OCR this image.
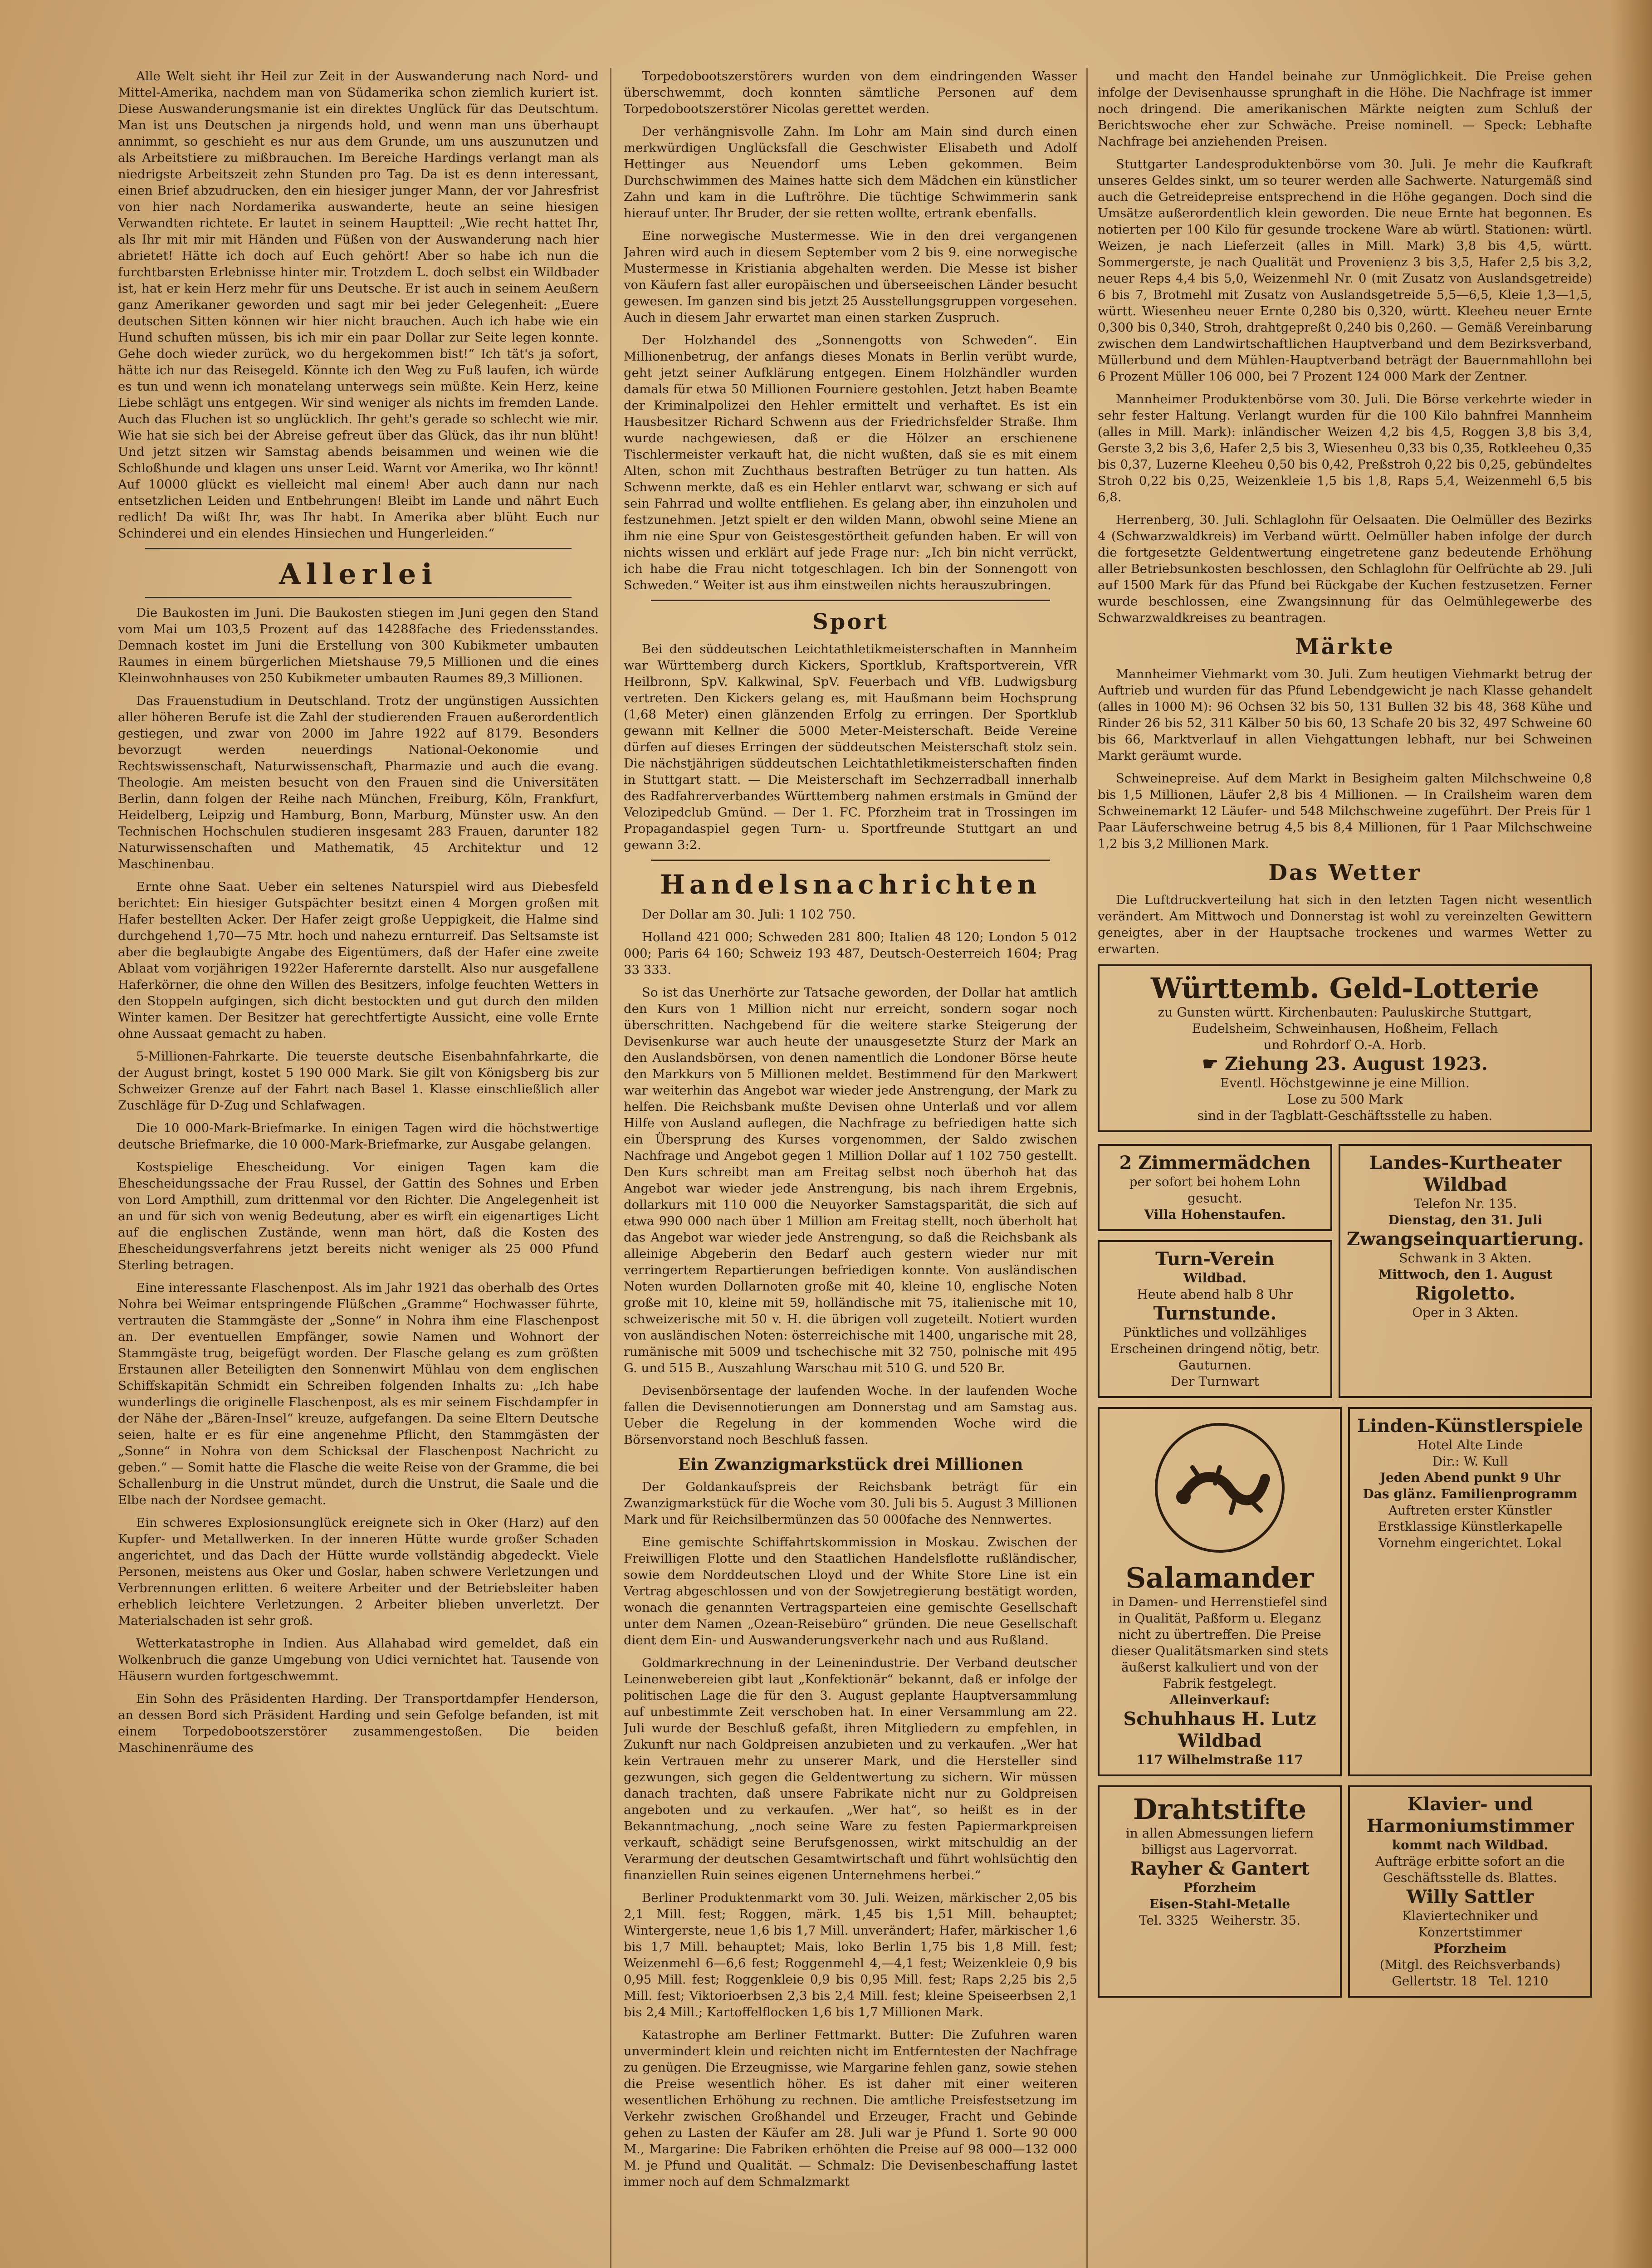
Alle Welt sieht ihr Heil zur Zeit in der Auswanderung nach Nord- und Mittel-Amerika, nachdem man von Südamerika schon ziemlich kuriert ist. Diese Auswanderungsmanie ist ein direktes Unglück für das Deutschtum. Man ist uns Deutschen ja nirgends hold, und wenn man uns überhaupt annimmt, so geschieht es nur aus dem Grunde, um uns auszunutzen und als Arbeitstiere zu mißbrauchen. Im Bereiche Hardings verlangt man als niedrigste Arbeitszeit zehn Stunden pro Tag. Da ist es denn interessant, einen Brief abzudrucken, den ein hiesiger junger Mann, der vor Jahresfrist von hier nach Nordamerika auswanderte, heute an seine hiesigen Verwandten richtete. Er lautet in seinem Hauptteil: „Wie recht hattet Ihr, als Ihr mit mir mit Händen und Füßen von der Auswanderung nach hier abrietet! Hätte ich doch auf Euch gehört! Aber so habe ich nun die furchtbarsten Erlebnisse hinter mir. Trotzdem L. doch selbst ein Wildbader ist, hat er kein Herz mehr für uns Deutsche. Er ist auch in seinem Aeußern ganz Amerikaner geworden und sagt mir bei jeder Gelegenheit: „Euere deutschen Sitten können wir hier nicht brauchen. Auch ich habe wie ein Hund schuften müssen, bis ich mir ein paar Dollar zur Seite legen konnte. Gehe doch wieder zurück, wo du hergekommen bist!“ Ich tät's ja sofort, hätte ich nur das Reisegeld. Könnte ich den Weg zu Fuß laufen, ich würde es tun und wenn ich monatelang unterwegs sein müßte. Kein Herz, keine Liebe schlägt uns entgegen. Wir sind weniger als nichts im fremden Lande. Auch das Fluchen ist so unglücklich. Ihr geht's gerade so schlecht wie mir. Wie hat sie sich bei der Abreise gefreut über das Glück, das ihr nun blüht! Und jetzt sitzen wir Samstag abends beisammen und weinen wie die Schloßhunde und klagen uns unser Leid. Warnt vor Amerika, wo Ihr könnt! Auf 10000 glückt es vielleicht mal einem! Aber auch dann nur nach entsetzlichen Leiden und Entbehrungen! Bleibt im Lande und nährt Euch redlich! Da wißt Ihr, was Ihr habt. In Amerika aber blüht Euch nur Schinderei und ein elendes Hinsiechen und Hungerleiden.“

Allerlei

Die Baukosten im Juni. Die Baukosten stiegen im Juni gegen den Stand vom Mai um 103,5 Prozent auf das 14288fache des Friedensstandes. Demnach kostet im Juni die Erstellung von 300 Kubikmeter umbauten Raumes in einem bürgerlichen Mietshause 79,5 Millionen und die eines Kleinwohnhauses von 250 Kubikmeter umbauten Raumes 89,3 Millionen.

Das Frauenstudium in Deutschland. Trotz der ungünstigen Aussichten aller höheren Berufe ist die Zahl der studierenden Frauen außerordentlich gestiegen, und zwar von 2000 im Jahre 1922 auf 8179. Besonders bevorzugt werden neuerdings National-Oekonomie und Rechtswissenschaft, Naturwissenschaft, Pharmazie und auch die evang. Theologie. Am meisten besucht von den Frauen sind die Universitäten Berlin, dann folgen der Reihe nach München, Freiburg, Köln, Frankfurt, Heidelberg, Leipzig und Hamburg, Bonn, Marburg, Münster usw. An den Technischen Hochschulen studieren insgesamt 283 Frauen, darunter 182 Naturwissenschaften und Mathematik, 45 Architektur und 12 Maschinenbau.

Ernte ohne Saat. Ueber ein seltenes Naturspiel wird aus Diebesfeld berichtet: Ein hiesiger Gutspächter besitzt einen 4 Morgen großen mit Hafer bestellten Acker. Der Hafer zeigt große Ueppigkeit, die Halme sind durchgehend 1,70—75 Mtr. hoch und nahezu ernturreif. Das Seltsamste ist aber die beglaubigte Angabe des Eigentümers, daß der Hafer eine zweite Ablaat vom vorjährigen 1922er Haferernte darstellt. Also nur ausgefallene Haferkörner, die ohne den Willen des Besitzers, infolge feuchten Wetters in den Stoppeln aufgingen, sich dicht bestockten und gut durch den milden Winter kamen. Der Besitzer hat gerechtfertigte Aussicht, eine volle Ernte ohne Aussaat gemacht zu haben.

5-Millionen-Fahrkarte. Die teuerste deutsche Eisenbahnfahrkarte, die der August bringt, kostet 5 190 000 Mark. Sie gilt von Königsberg bis zur Schweizer Grenze auf der Fahrt nach Basel 1. Klasse einschließlich aller Zuschläge für D-Zug und Schlafwagen.

Die 10 000-Mark-Briefmarke. In einigen Tagen wird die höchstwertige deutsche Briefmarke, die 10 000-Mark-Briefmarke, zur Ausgabe gelangen.

Kostspielige Ehescheidung. Vor einigen Tagen kam die Ehescheidungssache der Frau Russel, der Gattin des Sohnes und Erben von Lord Ampthill, zum drittenmal vor den Richter. Die Angelegenheit ist an und für sich von wenig Bedeutung, aber es wirft ein eigenartiges Licht auf die englischen Zustände, wenn man hört, daß die Kosten des Ehescheidungsverfahrens jetzt bereits nicht weniger als 25 000 Pfund Sterling betragen.

Eine interessante Flaschenpost. Als im Jahr 1921 das oberhalb des Ortes Nohra bei Weimar entspringende Flüßchen „Gramme“ Hochwasser führte, vertrauten die Stammgäste der „Sonne“ in Nohra ihm eine Flaschenpost an. Der eventuellen Empfänger, sowie Namen und Wohnort der Stammgäste trug, beigefügt worden. Der Flasche gelang es zum größten Erstaunen aller Beteiligten den Sonnenwirt Mühlau von dem englischen Schiffskapitän Schmidt ein Schreiben folgenden Inhalts zu: „Ich habe wunderlings die originelle Flaschenpost, als es mir seinem Fischdampfer in der Nähe der „Bären-Insel“ kreuze, aufgefangen. Da seine Eltern Deutsche seien, halte er es für eine angenehme Pflicht, den Stammgästen der „Sonne“ in Nohra von dem Schicksal der Flaschenpost Nachricht zu geben.“ — Somit hatte die Flasche die weite Reise von der Gramme, die bei Schallenburg in die Unstrut mündet, durch die Unstrut, die Saale und die Elbe nach der Nordsee gemacht.

Ein schweres Explosionsunglück ereignete sich in Oker (Harz) auf den Kupfer- und Metallwerken. In der inneren Hütte wurde großer Schaden angerichtet, und das Dach der Hütte wurde vollständig abgedeckt. Viele Personen, meistens aus Oker und Goslar, haben schwere Verletzungen und Verbrennungen erlitten. 6 weitere Arbeiter und der Betriebsleiter haben erheblich leichtere Verletzungen. 2 Arbeiter blieben unverletzt. Der Materialschaden ist sehr groß.

Wetterkatastrophe in Indien. Aus Allahabad wird gemeldet, daß ein Wolkenbruch die ganze Umgebung von Udici vernichtet hat. Tausende von Häusern wurden fortgeschwemmt.

Ein Sohn des Präsidenten Harding. Der Transportdampfer Henderson, an dessen Bord sich Präsident Harding und sein Gefolge befanden, ist mit einem Torpedobootszerstörer zusammengestoßen. Die beiden Maschinenräume des

Torpedobootszerstörers wurden von dem eindringenden Wasser überschwemmt, doch konnten sämtliche Personen auf dem Torpedobootszerstörer Nicolas gerettet werden.

Der verhängnisvolle Zahn. Im Lohr am Main sind durch einen merkwürdigen Unglücksfall die Geschwister Elisabeth und Adolf Hettinger aus Neuendorf ums Leben gekommen. Beim Durchschwimmen des Maines hatte sich dem Mädchen ein künstlicher Zahn und kam in die Luftröhre. Die tüchtige Schwimmerin sank hierauf unter. Ihr Bruder, der sie retten wollte, ertrank ebenfalls.

Eine norwegische Mustermesse. Wie in den drei vergangenen Jahren wird auch in diesem September vom 2 bis 9. eine norwegische Mustermesse in Kristiania abgehalten werden. Die Messe ist bisher von Käufern fast aller europäischen und überseeischen Länder besucht gewesen. Im ganzen sind bis jetzt 25 Ausstellungsgruppen vorgesehen. Auch in diesem Jahr erwartet man einen starken Zuspruch.

Der Holzhandel des „Sonnengotts von Schweden“. Ein Millionenbetrug, der anfangs dieses Monats in Berlin verübt wurde, geht jetzt seiner Aufklärung entgegen. Einem Holzhändler wurden damals für etwa 50 Millionen Fourniere gestohlen. Jetzt haben Beamte der Kriminalpolizei den Hehler ermittelt und verhaftet. Es ist ein Hausbesitzer Richard Schwenn aus der Friedrichsfelder Straße. Ihm wurde nachgewiesen, daß er die Hölzer an erschienene Tischlermeister verkauft hat, die nicht wußten, daß sie es mit einem Alten, schon mit Zuchthaus bestraften Betrüger zu tun hatten. Als Schwenn merkte, daß es ein Hehler entlarvt war, schwang er sich auf sein Fahrrad und wollte entfliehen. Es gelang aber, ihn einzuholen und festzunehmen. Jetzt spielt er den wilden Mann, obwohl seine Miene an ihm nie eine Spur von Geistesgestörtheit gefunden haben. Er will von nichts wissen und erklärt auf jede Frage nur: „Ich bin nicht verrückt, ich habe die Frau nicht totgeschlagen. Ich bin der Sonnengott von Schweden.“ Weiter ist aus ihm einstweilen nichts herauszubringen.

Sport

Bei den süddeutschen Leichtathletikmeisterschaften in Mannheim war Württemberg durch Kickers, Sportklub, Kraftsportverein, VfR Heilbronn, SpV. Kalkwinal, SpV. Feuerbach und VfB. Ludwigsburg vertreten. Den Kickers gelang es, mit Haußmann beim Hochsprung (1,68 Meter) einen glänzenden Erfolg zu erringen. Der Sportklub gewann mit Kellner die 5000 Meter-Meisterschaft. Beide Vereine dürfen auf dieses Erringen der süddeutschen Meisterschaft stolz sein. Die nächstjährigen süddeutschen Leichtathletikmeisterschaften finden in Stuttgart statt. — Die Meisterschaft im Sechzerradball innerhalb des Radfahrerverbandes Württemberg nahmen erstmals in Gmünd der Velozipedclub Gmünd. — Der 1. FC. Pforzheim trat in Trossingen im Propagandaspiel gegen Turn- u. Sportfreunde Stuttgart an und gewann 3:2.

Handelsnachrichten

Der Dollar am 30. Juli: 1 102 750.

Holland 421 000; Schweden 281 800; Italien 48 120; London 5 012 000; Paris 64 160; Schweiz 193 487, Deutsch-Oesterreich 1604; Prag 33 333.

So ist das Unerhörte zur Tatsache geworden, der Dollar hat amtlich den Kurs von 1 Million nicht nur erreicht, sondern sogar noch überschritten. Nachgebend für die weitere starke Steigerung der Devisenkurse war auch heute der unausgesetzte Sturz der Mark an den Auslandsbörsen, von denen namentlich die Londoner Börse heute den Markkurs von 5 Millionen meldet. Bestimmend für den Markwert war weiterhin das Angebot war wieder jede Anstrengung, der Mark zu helfen. Die Reichsbank mußte Devisen ohne Unterlaß und vor allem Hilfe von Ausland auflegen, die Nachfrage zu befriedigen hatte sich ein Übersprung des Kurses vorgenommen, der Saldo zwischen Nachfrage und Angebot gegen 1 Million Dollar auf 1 102 750 gestellt. Den Kurs schreibt man am Freitag selbst noch überhoh hat das Angebot war wieder jede Anstrengung, bis nach ihrem Ergebnis, dollarkurs mit 110 000 die Neuyorker Samstagsparität, die sich auf etwa 990 000 nach über 1 Million am Freitag stellt, noch überholt hat das Angebot war wieder jede Anstrengung, so daß die Reichsbank als alleinige Abgeberin den Bedarf auch gestern wieder nur mit verringertem Repartierungen befriedigen konnte. Von ausländischen Noten wurden Dollarnoten große mit 40, kleine 10, englische Noten große mit 10, kleine mit 59, holländische mit 75, italienische mit 10, schweizerische mit 50 v. H. die übrigen voll zugeteilt. Notiert wurden von ausländischen Noten: österreichische mit 1400, ungarische mit 28, rumänische mit 5009 und tschechische mit 32 750, polnische mit 495 G. und 515 B., Auszahlung Warschau mit 510 G. und 520 Br.

Devisenbörsentage der laufenden Woche. In der laufenden Woche fallen die Devisennotierungen am Donnerstag und am Samstag aus. Ueber die Regelung in der kommenden Woche wird die Börsenvorstand noch Beschluß fassen.

Ein Zwanzigmarkstück drei Millionen

Der Goldankaufspreis der Reichsbank beträgt für ein Zwanzigmarkstück für die Woche vom 30. Juli bis 5. August 3 Millionen Mark und für Reichsilbermünzen das 50 000fache des Nennwertes.

Eine gemischte Schiffahrtskommission in Moskau. Zwischen der Freiwilligen Flotte und den Staatlichen Handelsflotte rußländischer, sowie dem Norddeutschen Lloyd und der White Store Line ist ein Vertrag abgeschlossen und von der Sowjetregierung bestätigt worden, wonach die genannten Vertragsparteien eine gemischte Gesellschaft unter dem Namen „Ozean-Reisebüro“ gründen. Die neue Gesellschaft dient dem Ein- und Auswanderungsverkehr nach und aus Rußland.

Goldmarkrechnung in der Leinenindustrie. Der Verband deutscher Leinenwebereien gibt laut „Konfektionär“ bekannt, daß er infolge der politischen Lage die für den 3. August geplante Hauptversammlung auf unbestimmte Zeit verschoben hat. In einer Versammlung am 22. Juli wurde der Beschluß gefaßt, ihren Mitgliedern zu empfehlen, in Zukunft nur nach Goldpreisen anzubieten und zu verkaufen. „Wer hat kein Vertrauen mehr zu unserer Mark, und die Hersteller sind gezwungen, sich gegen die Geldentwertung zu sichern. Wir müssen danach trachten, daß unsere Fabrikate nicht nur zu Goldpreisen angeboten und zu verkaufen. „Wer hat“, so heißt es in der Bekanntmachung, „noch seine Ware zu festen Papiermarkpreisen verkauft, schädigt seine Berufsgenossen, wirkt mitschuldig an der Verarmung der deutschen Gesamtwirtschaft und führt wohlsüchtig den finanziellen Ruin seines eigenen Unternehmens herbei.“

Berliner Produktenmarkt vom 30. Juli. Weizen, märkischer 2,05 bis 2,1 Mill. fest; Roggen, märk. 1,45 bis 1,51 Mill. behauptet; Wintergerste, neue 1,6 bis 1,7 Mill. unverändert; Hafer, märkischer 1,6 bis 1,7 Mill. behauptet; Mais, loko Berlin 1,75 bis 1,8 Mill. fest; Weizenmehl 6—6,6 fest; Roggenmehl 4,—4,1 fest; Weizenkleie 0,9 bis 0,95 Mill. fest; Roggenkleie 0,9 bis 0,95 Mill. fest; Raps 2,25 bis 2,5 Mill. fest; Viktorioerbsen 2,3 bis 2,4 Mill. fest; kleine Speiseerbsen 2,1 bis 2,4 Mill.; Kartoffelflocken 1,6 bis 1,7 Millionen Mark.

Katastrophe am Berliner Fettmarkt. Butter: Die Zufuhren waren unvermindert klein und reichten nicht im Entferntesten der Nachfrage zu genügen. Die Erzeugnisse, wie Margarine fehlen ganz, sowie stehen die Preise wesentlich höher. Es ist daher mit einer weiteren wesentlichen Erhöhung zu rechnen. Die amtliche Preisfestsetzung im Verkehr zwischen Großhandel und Erzeuger, Fracht und Gebinde gehen zu Lasten der Käufer am 28. Juli war je Pfund 1. Sorte 90 000 M., Margarine: Die Fabriken erhöhten die Preise auf 98 000—132 000 M. je Pfund und Qualität. — Schmalz: Die Devisenbeschaffung lastet immer noch auf dem Schmalzmarkt

und macht den Handel beinahe zur Unmöglichkeit. Die Preise gehen infolge der Devisenhausse sprunghaft in die Höhe. Die Nachfrage ist immer noch dringend. Die amerikanischen Märkte neigten zum Schluß der Berichtswoche eher zur Schwäche. Preise nominell. — Speck: Lebhafte Nachfrage bei anziehenden Preisen.

Stuttgarter Landesproduktenbörse vom 30. Juli. Je mehr die Kaufkraft unseres Geldes sinkt, um so teurer werden alle Sachwerte. Naturgemäß sind auch die Getreidepreise entsprechend in die Höhe gegangen. Doch sind die Umsätze außerordentlich klein geworden. Die neue Ernte hat begonnen. Es notierten per 100 Kilo für gesunde trockene Ware ab würtl. Stationen: würtl. Weizen, je nach Lieferzeit (alles in Mill. Mark) 3,8 bis 4,5, württ. Sommergerste, je nach Qualität und Provenienz 3 bis 3,5, Hafer 2,5 bis 3,2, neuer Reps 4,4 bis 5,0, Weizenmehl Nr. 0 (mit Zusatz von Auslandsgetreide) 6 bis 7, Brotmehl mit Zusatz von Auslandsgetreide 5,5—6,5, Kleie 1,3—1,5, württ. Wiesenheu neuer Ernte 0,280 bis 0,320, württ. Kleeheu neuer Ernte 0,300 bis 0,340, Stroh, drahtgepreßt 0,240 bis 0,260. — Gemäß Vereinbarung zwischen dem Landwirtschaftlichen Hauptverband und dem Bezirksverband, Müllerbund und dem Mühlen-Hauptverband beträgt der Bauernmahllohn bei 6 Prozent Müller 106 000, bei 7 Prozent 124 000 Mark der Zentner.

Mannheimer Produktenbörse vom 30. Juli. Die Börse verkehrte wieder in sehr fester Haltung. Verlangt wurden für die 100 Kilo bahnfrei Mannheim (alles in Mill. Mark): inländischer Weizen 4,2 bis 4,5, Roggen 3,8 bis 3,4, Gerste 3,2 bis 3,6, Hafer 2,5 bis 3, Wiesenheu 0,33 bis 0,35, Rotkleeheu 0,35 bis 0,37, Luzerne Kleeheu 0,50 bis 0,42, Preßstroh 0,22 bis 0,25, gebündeltes Stroh 0,22 bis 0,25, Weizenkleie 1,5 bis 1,8, Raps 5,4, Weizenmehl 6,5 bis 6,8.

Herrenberg, 30. Juli. Schlaglohn für Oelsaaten. Die Oelmüller des Bezirks 4 (Schwarzwaldkreis) im Verband württ. Oelmüller haben infolge der durch die fortgesetzte Geldentwertung eingetretene ganz bedeutende Erhöhung aller Betriebsunkosten beschlossen, den Schlaglohn für Oelfrüchte ab 29. Juli auf 1500 Mark für das Pfund bei Rückgabe der Kuchen festzusetzen. Ferner wurde beschlossen, eine Zwangsinnung für das Oelmühlegewerbe des Schwarzwaldkreises zu beantragen.

Märkte

Mannheimer Viehmarkt vom 30. Juli. Zum heutigen Viehmarkt betrug der Auftrieb und wurden für das Pfund Lebendgewicht je nach Klasse gehandelt (alles in 1000 M): 96 Ochsen 32 bis 50, 131 Bullen 32 bis 48, 368 Kühe und Rinder 26 bis 52, 311 Kälber 50 bis 60, 13 Schafe 20 bis 32, 497 Schweine 60 bis 66, Marktverlauf in allen Viehgattungen lebhaft, nur bei Schweinen Markt geräumt wurde.

Schweinepreise. Auf dem Markt in Besigheim galten Milchschweine 0,8 bis 1,5 Millionen, Läufer 2,8 bis 4 Millionen. — In Crailsheim waren dem Schweinemarkt 12 Läufer- und 548 Milchschweine zugeführt. Der Preis für 1 Paar Läuferschweine betrug 4,5 bis 8,4 Millionen, für 1 Paar Milchschweine 1,2 bis 3,2 Millionen Mark.

Das Wetter

Die Luftdruckverteilung hat sich in den letzten Tagen nicht wesentlich verändert. Am Mittwoch und Donnerstag ist wohl zu vereinzelten Gewittern geneigtes, aber in der Hauptsache trockenes und warmes Wetter zu erwarten.

Württemb. Geld-Lotterie
zu Gunsten württ. Kirchenbauten: Pauluskirche Stuttgart,
Eudelsheim, Schweinhausen, Hoßheim, Fellach
und Rohrdorf O.-A. Horb.
☛ Ziehung 23. August 1923.
Eventl. Höchstgewinne je eine Million.
Lose zu 500 Mark
sind in der Tagblatt-Geschäftsstelle zu haben.
2 Zimmermädchen
per sofort bei hohem Lohn gesucht.
Villa Hohenstaufen.
Turn-Verein
Wildbad.
Heute abend halb 8 Uhr
Turnstunde.
Pünktliches und vollzähliges Erscheinen dringend nötig, betr. Gauturnen.
Der Turnwart
Landes-Kurtheater Wildbad
Telefon Nr. 135.
Dienstag, den 31. Juli
Zwangseinquartierung.
Schwank in 3 Akten.
Mittwoch, den 1. August
Rigoletto.
Oper in 3 Akten.
Salamander
in Damen- und Herrenstiefel sind in Qualität, Paßform u. Eleganz nicht zu übertreffen. Die Preise dieser Qualitätsmarken sind stets äußerst kalkuliert und von der Fabrik festgelegt.
Alleinverkauf:
Schuhhaus H. Lutz
Wildbad
117 Wilhelmstraße 117
Linden-Künstlerspiele
Hotel Alte Linde
Dir.: W. Kull
Jeden Abend punkt 9 Uhr
Das glänz. Familienprogramm
Auftreten erster Künstler
Erstklassige Künstlerkapelle
Vornehm eingerichtet. Lokal
Drahtstifte
in allen Abmessungen liefern billigst aus Lagervorrat.
Rayher & Gantert
Pforzheim
Eisen-Stahl-Metalle
Tel. 3325 Weiherstr. 35.
Klavier- und Harmoniumstimmer
kommt nach Wildbad.
Aufträge erbitte sofort an die Geschäftsstelle ds. Blattes.
Willy Sattler
Klaviertechniker und Konzertstimmer
Pforzheim
(Mitgl. des Reichsverbands)
Gellertstr. 18 Tel. 1210
